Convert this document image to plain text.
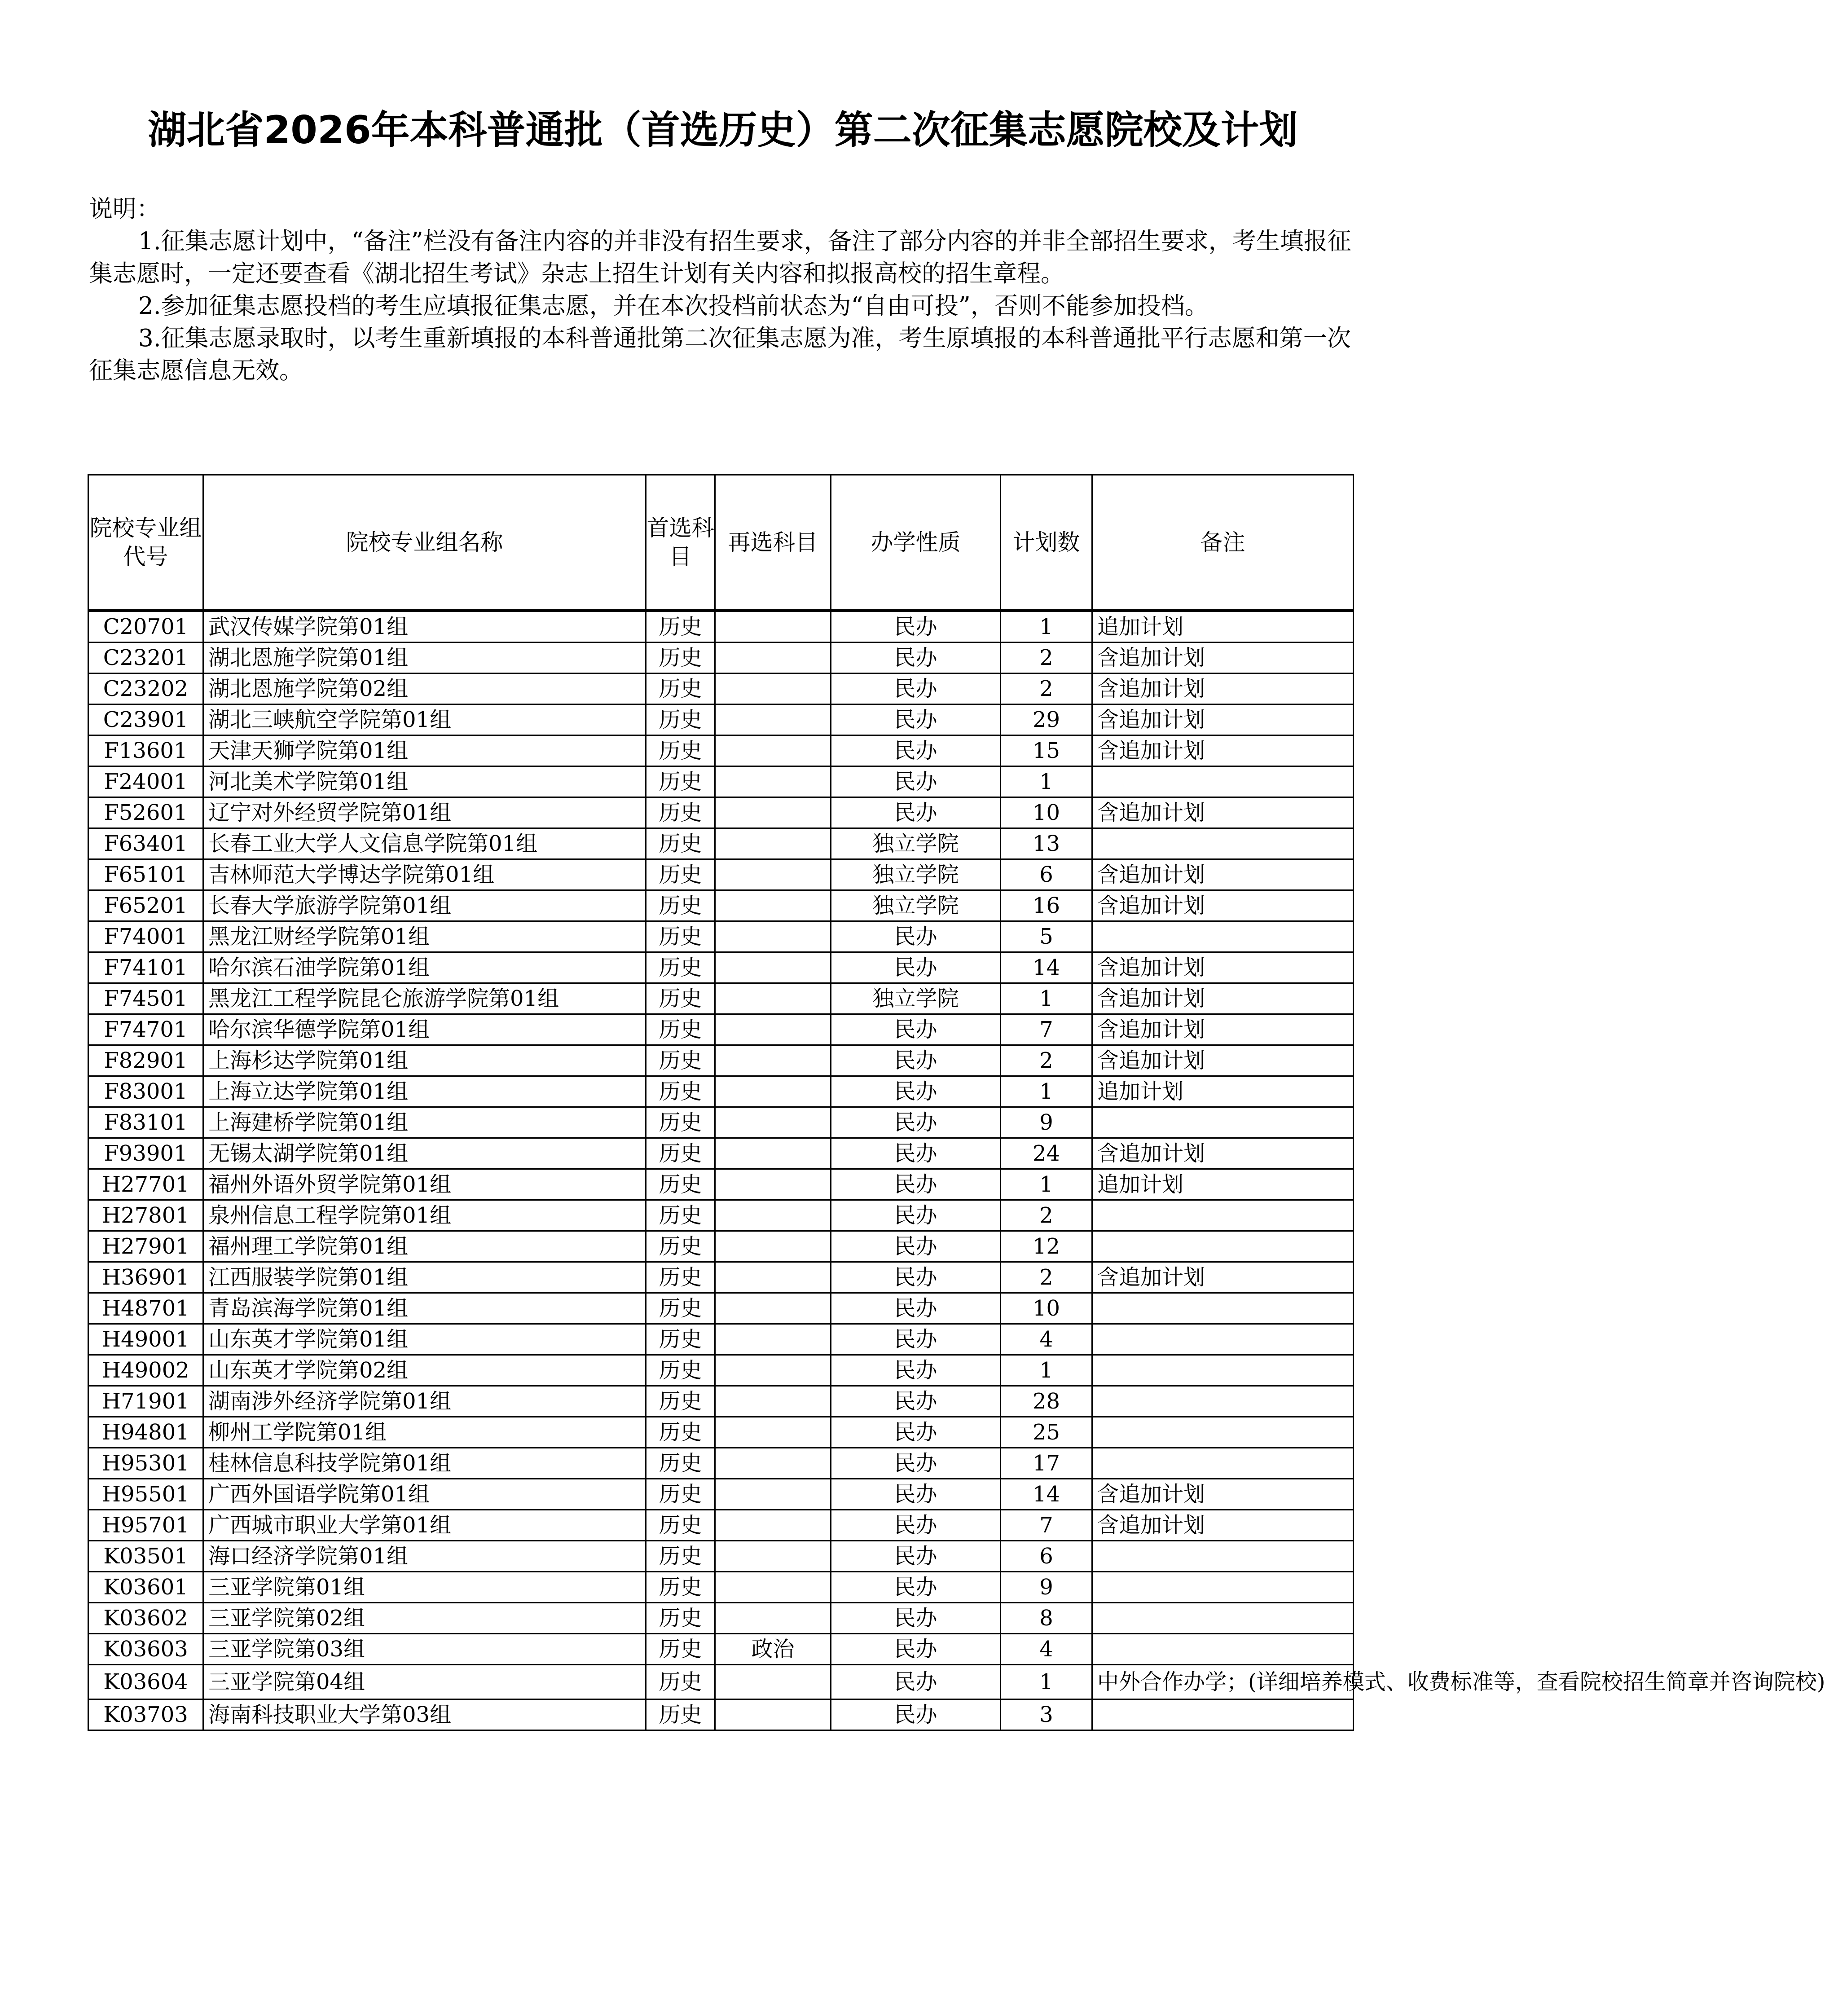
湖北省2026年本科普通批（首选历史）第二次征集志愿院校及计划

说明：

1.征集志愿计划中，“备注”栏没有备注内容的并非没有招生要求，备注了部分内容的并非全部招生要求，考生填报征集志愿时，一定还要查看《湖北招生考试》杂志上招生计划有关内容和拟报高校的招生章程。

2.参加征集志愿投档的考生应填报征集志愿，并在本次投档前状态为“自由可投”，否则不能参加投档。

3.征集志愿录取时，以考生重新填报的本科普通批第二次征集志愿为准，考生原填报的本科普通批平行志愿和第一次征集志愿信息无效。

院校专业组代号	院校专业组名称	首选科目	再选科目	办学性质	计划数	备注
C20701	武汉传媒学院第01组	历史		民办	1	追加计划
C23201	湖北恩施学院第01组	历史		民办	2	含追加计划
C23202	湖北恩施学院第02组	历史		民办	2	含追加计划
C23901	湖北三峡航空学院第01组	历史		民办	29	含追加计划
F13601	天津天狮学院第01组	历史		民办	15	含追加计划
F24001	河北美术学院第01组	历史		民办	1	
F52601	辽宁对外经贸学院第01组	历史		民办	10	含追加计划
F63401	长春工业大学人文信息学院第01组	历史		独立学院	13	
F65101	吉林师范大学博达学院第01组	历史		独立学院	6	含追加计划
F65201	长春大学旅游学院第01组	历史		独立学院	16	含追加计划
F74001	黑龙江财经学院第01组	历史		民办	5	
F74101	哈尔滨石油学院第01组	历史		民办	14	含追加计划
F74501	黑龙江工程学院昆仑旅游学院第01组	历史		独立学院	1	含追加计划
F74701	哈尔滨华德学院第01组	历史		民办	7	含追加计划
F82901	上海杉达学院第01组	历史		民办	2	含追加计划
F83001	上海立达学院第01组	历史		民办	1	追加计划
F83101	上海建桥学院第01组	历史		民办	9	
F93901	无锡太湖学院第01组	历史		民办	24	含追加计划
H27701	福州外语外贸学院第01组	历史		民办	1	追加计划
H27801	泉州信息工程学院第01组	历史		民办	2	
H27901	福州理工学院第01组	历史		民办	12	
H36901	江西服装学院第01组	历史		民办	2	含追加计划
H48701	青岛滨海学院第01组	历史		民办	10	
H49001	山东英才学院第01组	历史		民办	4	
H49002	山东英才学院第02组	历史		民办	1	
H71901	湖南涉外经济学院第01组	历史		民办	28	
H94801	柳州工学院第01组	历史		民办	25	
H95301	桂林信息科技学院第01组	历史		民办	17	
H95501	广西外国语学院第01组	历史		民办	14	含追加计划
H95701	广西城市职业大学第01组	历史		民办	7	含追加计划
K03501	海口经济学院第01组	历史		民办	6	
K03601	三亚学院第01组	历史		民办	9	
K03602	三亚学院第02组	历史		民办	8	
K03603	三亚学院第03组	历史	政治	民办	4	
K03604	三亚学院第04组	历史		民办	1	中外合作办学；(详细培养模式、收费标准等，查看院校招生简章并咨询院校)
K03703	海南科技职业大学第03组	历史		民办	3	
